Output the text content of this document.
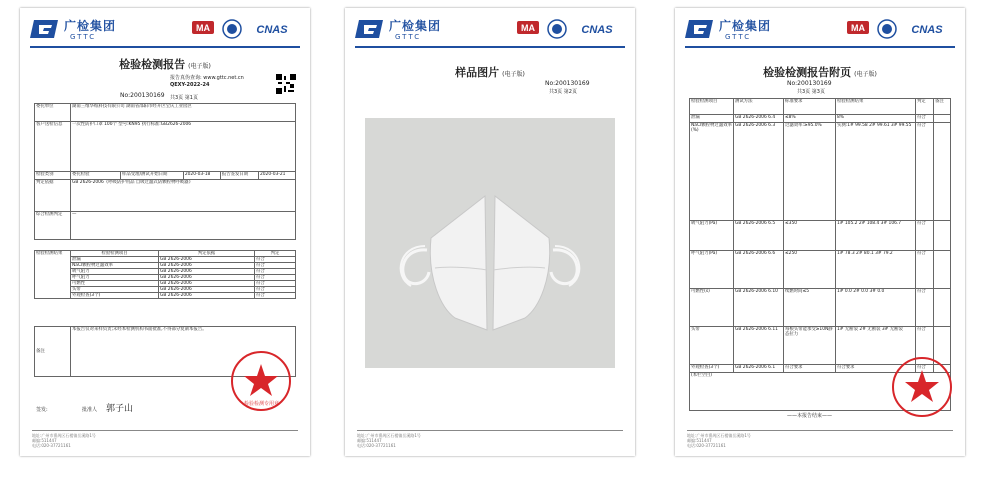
广检集团
GTTC
MA	CNAS
检验检测报告 (电子版)
报告真伪查询: www.gttc.net.cn
QEXY-2022-24
No:200130169 共3页 第1页
委托单位	湖南三维华纸科技有限公司 湖南省邵阳市经开区宝庆工业园区				
客户送检信息	一次性防护口罩 100个 型号:KN95 执行标准:GB2626-2006				
检验类别	委托检验	样品受理/测试开始日期	2020-03-18	报告签发日期	2020-03-21
判定依据	GB 2626-2006《呼吸防护用品 自吸过滤式防颗粒物呼吸器》				
综合检测判定	—				
检验检测结果	检验检测项目	判定依据	判定
	泄漏	GB 2626-2006	符合
	NaCl颗粒物过滤效率	GB 2626-2006	符合
	吸气阻力	GB 2626-2006	符合
	呼气阻力	GB 2626-2006	符合
	可燃性	GB 2626-2006	符合
	头带	GB 2626-2006	符合
	外观检查(3个)	GB 2626-2006	符合
备注	本报告仅对来样负责;未经本检测机构书面批准,不得部分复制本报告。
签发:	批准人 郭子山	检验检测专用章
地址:广州市番禺区石楼镇岳溪路1号
邮编:511447
电话:020-37721161
广检集团
GTTC
MA	CNAS
样品图片 (电子版)
No:200130169
共3页 第2页
地址:广州市番禺区石楼镇岳溪路1号
邮编:511447
电话:020-37721161
广检集团
GTTC
MA	CNAS
检验检测报告附页 (电子版)
No:200130169
共3页 第3页
检验检测项目	测试方法	标准要求	检验检测结果	判定	备注
泄漏	GB 2626-2006 6.4	≤8%	8%	符合	
NaCl颗粒物过滤效率(%)	GB 2626-2006 6.3	过滤效率:≥95.0%	实测:1# 99.58 2# 99.61 3# 99.55	符合	
吸气阻力(Pa)	GB 2626-2006 6.5	≤350	1# 105.2 2# 108.4 3# 106.7	符合	
呼气阻力(Pa)	GB 2626-2006 6.6	≤250	1# 78.3 2# 80.1 3# 79.2	符合	
可燃性(s)	GB 2626-2006 6.10	续燃时间≤5	1# 0.0 2# 0.0 3# 0.0	符合	
头带	GB 2626-2006 6.11	每根头带能承受≥10N静态拉力	1# 无断裂 2# 无断裂 3# 无断裂	符合	
外观检查(3个)	GB 2626-2006 6.1	符合要求	符合要求	符合	
(本栏空白)					
——本报告结束——
地址:广州市番禺区石楼镇岳溪路1号
邮编:511447
电话:020-37721161
